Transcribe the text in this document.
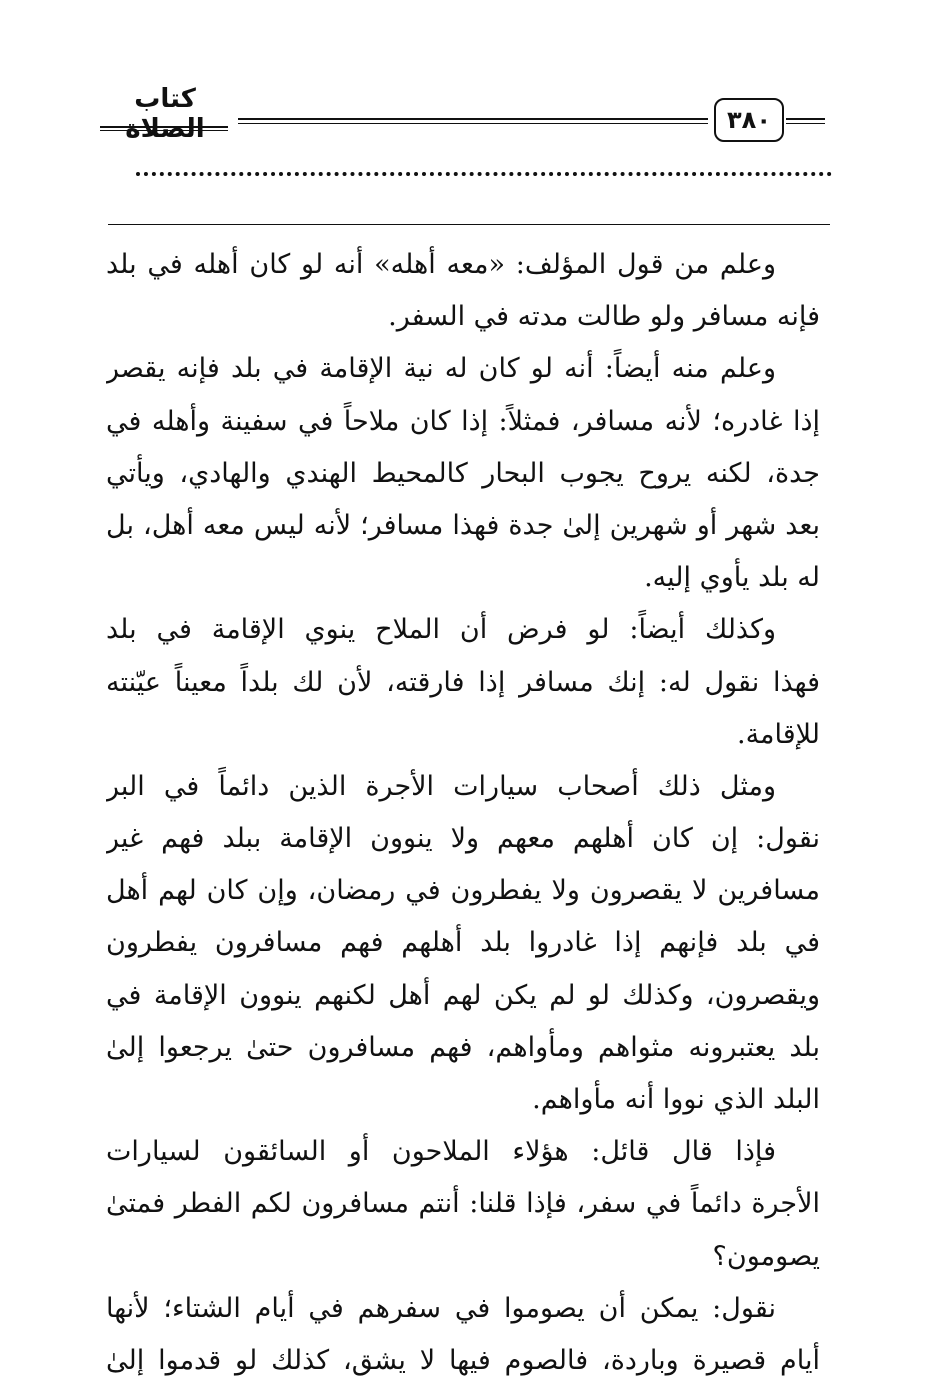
كتاب الصلاة	٣٨٠
وعلم من قول المؤلف: «معه أهله» أنه لو كان أهله في بلد
فإنه مسافر ولو طالت مدته في السفر.
وعلم منه أيضاً: أنه لو كان له نية الإقامة في بلد فإنه يقصر
إذا غادره؛ لأنه مسافر، فمثلاً: إذا كان ملاحاً في سفينة وأهله في
جدة، لكنه يروح يجوب البحار كالمحيط الهندي والهادي، ويأتي
بعد شهر أو شهرين إلىٰ جدة فهذا مسافر؛ لأنه ليس معه أهل، بل
له بلد يأوي إليه.
وكذلك أيضاً: لو فرض أن الملاح ينوي الإقامة في بلد
فهذا نقول له: إنك مسافر إذا فارقته، لأن لك بلداً معيناً عيّنته
للإقامة.
ومثل ذلك أصحاب سيارات الأجرة الذين دائماً في البر
نقول: إن كان أهلهم معهم ولا ينوون الإقامة ببلد فهم غير
مسافرين لا يقصرون ولا يفطرون في رمضان، وإن كان لهم أهل
في بلد فإنهم إذا غادروا بلد أهلهم فهم مسافرون يفطرون
ويقصرون، وكذلك لو لم يكن لهم أهل لكنهم ينوون الإقامة في
بلد يعتبرونه مثواهم ومأواهم، فهم مسافرون حتىٰ يرجعوا إلىٰ
البلد الذي نووا أنه مأواهم.
فإذا قال قائل: هؤلاء الملاحون أو السائقون لسيارات
الأجرة دائماً في سفر، فإذا قلنا: أنتم مسافرون لكم الفطر فمتىٰ
يصومون؟
نقول: يمكن أن يصوموا في سفرهم في أيام الشتاء؛ لأنها
أيام قصيرة وباردة، فالصوم فيها لا يشق، كذلك لو قدموا إلىٰ
